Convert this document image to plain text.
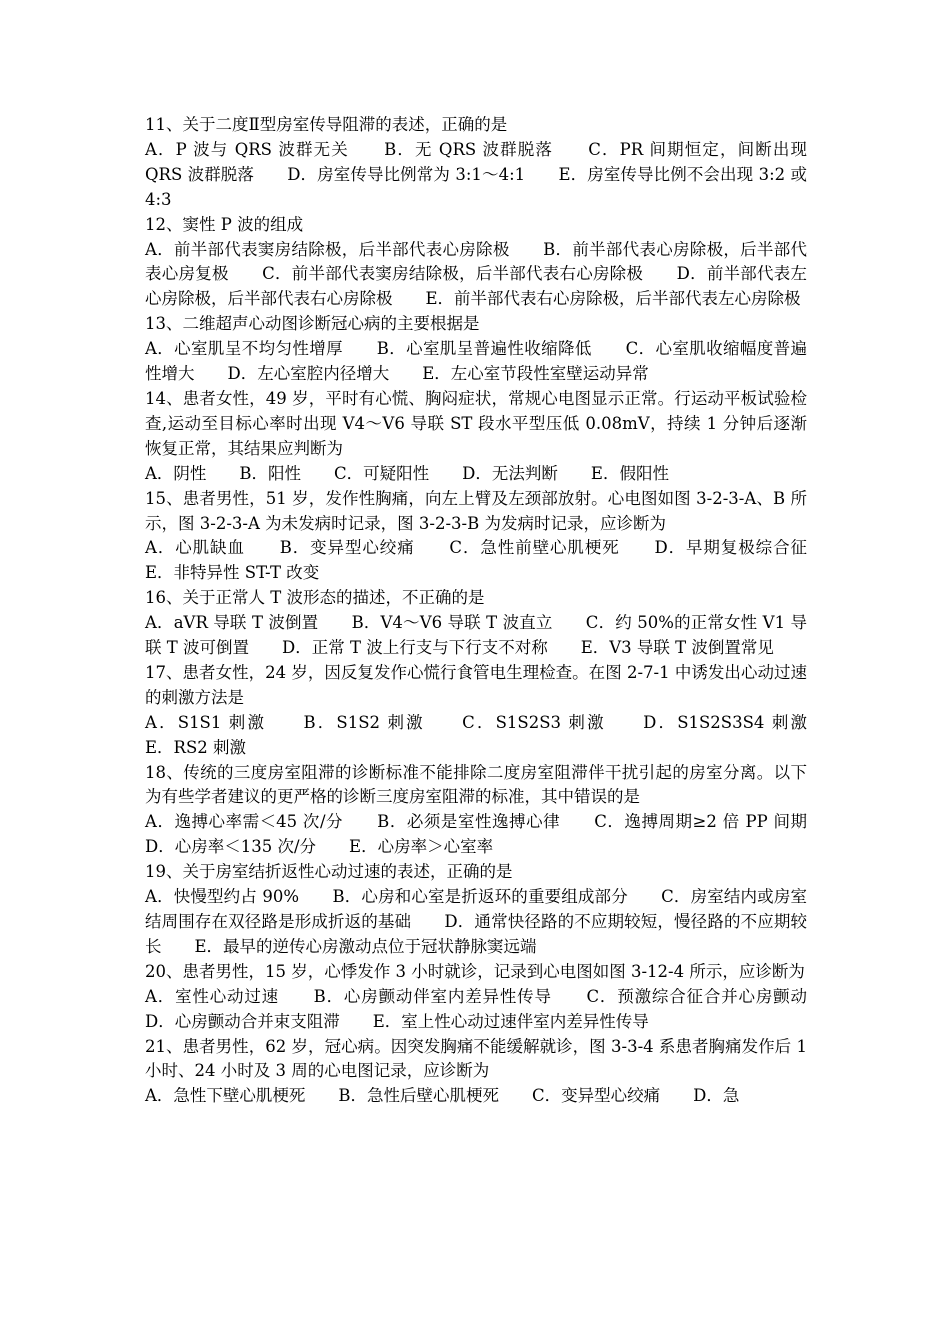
11、关于二度Ⅱ型房室传导阻滞的表述，正确的是

A．P 波与 QRS 波群无关　　B．无 QRS 波群脱落　　C．PR 间期恒定，间断出现 QRS 波群脱落　　D．房室传导比例常为 3:1～4:1　　E．房室传导比例不会出现 3:2 或 4:3

12、窦性 P 波的组成

A．前半部代表窦房结除极，后半部代表心房除极　　B．前半部代表心房除极，后半部代表心房复极　　C．前半部代表窦房结除极，后半部代表右心房除极　　D．前半部代表左心房除极，后半部代表右心房除极　　E．前半部代表右心房除极，后半部代表左心房除极

13、二维超声心动图诊断冠心病的主要根据是

A．心室肌呈不均匀性增厚　　B．心室肌呈普遍性收缩降低　　C．心室肌收缩幅度普遍性增大　　D．左心室腔内径增大　　E．左心室节段性室壁运动异常

14、患者女性，49 岁，平时有心慌、胸闷症状，常规心电图显示正常。行运动平板试验检查,运动至目标心率时出现 V4～V6 导联 ST 段水平型压低 0.08mV，持续 1 分钟后逐渐恢复正常，其结果应判断为

A．阴性　　B．阳性　　C．可疑阳性　　D．无法判断　　E．假阳性

15、患者男性，51 岁，发作性胸痛，向左上臂及左颈部放射。心电图如图 3-2-3-A、B 所示，图 3-2-3-A 为未发病时记录，图 3-2-3-B 为发病时记录，应诊断为

A．心肌缺血　　B．变异型心绞痛　　C．急性前壁心肌梗死　　D．早期复极综合征　　E．非特异性 ST-T 改变

16、关于正常人 T 波形态的描述，不正确的是

A．aVR 导联 T 波倒置　　B．V4～V6 导联 T 波直立　　C．约 50%的正常女性 V1 导联 T 波可倒置　　D．正常 T 波上行支与下行支不对称　　E．V3 导联 T 波倒置常见

17、患者女性，24 岁，因反复发作心慌行食管电生理检查。在图 2-7-1 中诱发出心动过速的刺激方法是

A．S1S1 刺激　　B．S1S2 刺激　　C．S1S2S3 刺激　　D．S1S2S3S4 刺激　　E．RS2 刺激

18、传统的三度房室阻滞的诊断标准不能排除二度房室阻滞伴干扰引起的房室分离。以下为有些学者建议的更严格的诊断三度房室阻滞的标准，其中错误的是

A．逸搏心率需＜45 次/分　　B．必须是室性逸搏心律　　C．逸搏周期≥2 倍 PP 间期　　D．心房率＜135 次/分　　E．心房率＞心室率

19、关于房室结折返性心动过速的表述，正确的是

A．快慢型约占 90%　　B．心房和心室是折返环的重要组成部分　　C．房室结内或房室结周围存在双径路是形成折返的基础　　D．通常快径路的不应期较短，慢径路的不应期较长　　E．最早的逆传心房激动点位于冠状静脉窦远端

20、患者男性，15 岁，心悸发作 3 小时就诊，记录到心电图如图 3-12-4 所示，应诊断为

A．室性心动过速　　B．心房颤动伴室内差异性传导　　C．预激综合征合并心房颤动　　D．心房颤动合并束支阻滞　　E．室上性心动过速伴室内差异性传导

21、患者男性，62 岁，冠心病。因突发胸痛不能缓解就诊，图 3-3-4 系患者胸痛发作后 1 小时、24 小时及 3 周的心电图记录，应诊断为

A．急性下壁心肌梗死　　B．急性后壁心肌梗死　　C．变异型心绞痛　　D．急
